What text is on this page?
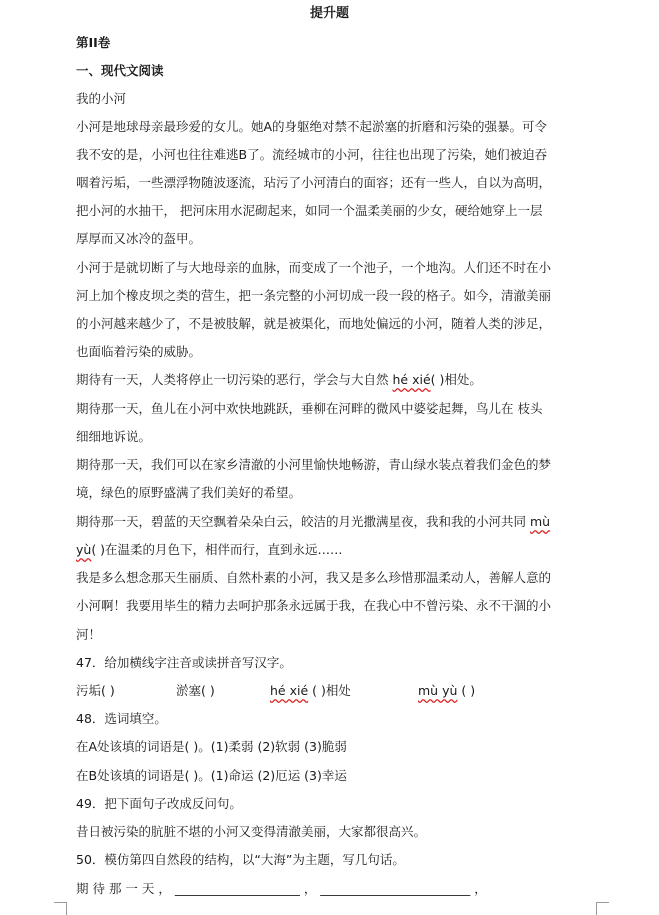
提升题
第II卷
一、现代文阅读
我的小河
小河是地球母亲最珍爱的女儿。她A的身躯绝对禁不起淤塞的折磨和污染的强暴。可令
我不安的是，小河也往往难逃B了。流经城市的小河，往往也出现了污染，她们被迫吞
咽着污垢，一些漂浮物随波逐流，玷污了小河清白的面容；还有一些人，自以为高明，
把小河的水抽干， 把河床用水泥砌起来，如同一个温柔美丽的少女，硬给她穿上一层
厚厚而又冰冷的盔甲。
小河于是就切断了与大地母亲的血脉，而变成了一个池子，一个地沟。人们还不时在小
河上加个橡皮坝之类的营生，把一条完整的小河切成一段一段的格子。如今，清澈美丽
的小河越来越少了，不是被肢解，就是被渠化，而地处偏远的小河，随着人类的涉足，
也面临着污染的威胁。
期待有一天，人类将停止一切污染的恶行，学会与大自然 hé xié( )相处。
期待那一天，鱼儿在小河中欢快地跳跃，垂柳在河畔的微风中婆娑起舞，鸟儿在 枝头
细细地诉说。
期待那一天，我们可以在家乡清澈的小河里愉快地畅游，青山绿水装点着我们金色的梦
境，绿色的原野盛满了我们美好的希望。
期待那一天，碧蓝的天空飘着朵朵白云，皎洁的月光撒满星夜，我和我的小河共同 mù
yù( )在温柔的月色下，相伴而行，直到永远……
我是多么想念那天生丽质、自然朴素的小河，我又是多么珍惜那温柔动人，善解人意的
小河啊！我要用毕生的精力去呵护那条永远属于我，在我心中不曾污染、永不干涸的小
河！
47．给加横线字注音或读拼音写汉字。
污垢( )	淤塞( )	hé xié ( )相处	mù yù ( )
48．选词填空。
在A处该填的词语是( )。(1)柔弱 (2)软弱 (3)脆弱
在B处该填的词语是( )。(1)命运 (2)厄运 (3)幸运
49．把下面句子改成反问句。
昔日被污染的肮脏不堪的小河又变得清澈美丽，大家都很高兴。
50．模仿第四自然段的结构，以“大海”为主题，写几句话。
期 待 那 一 天 ， ____________________ ， ________________________ ，
